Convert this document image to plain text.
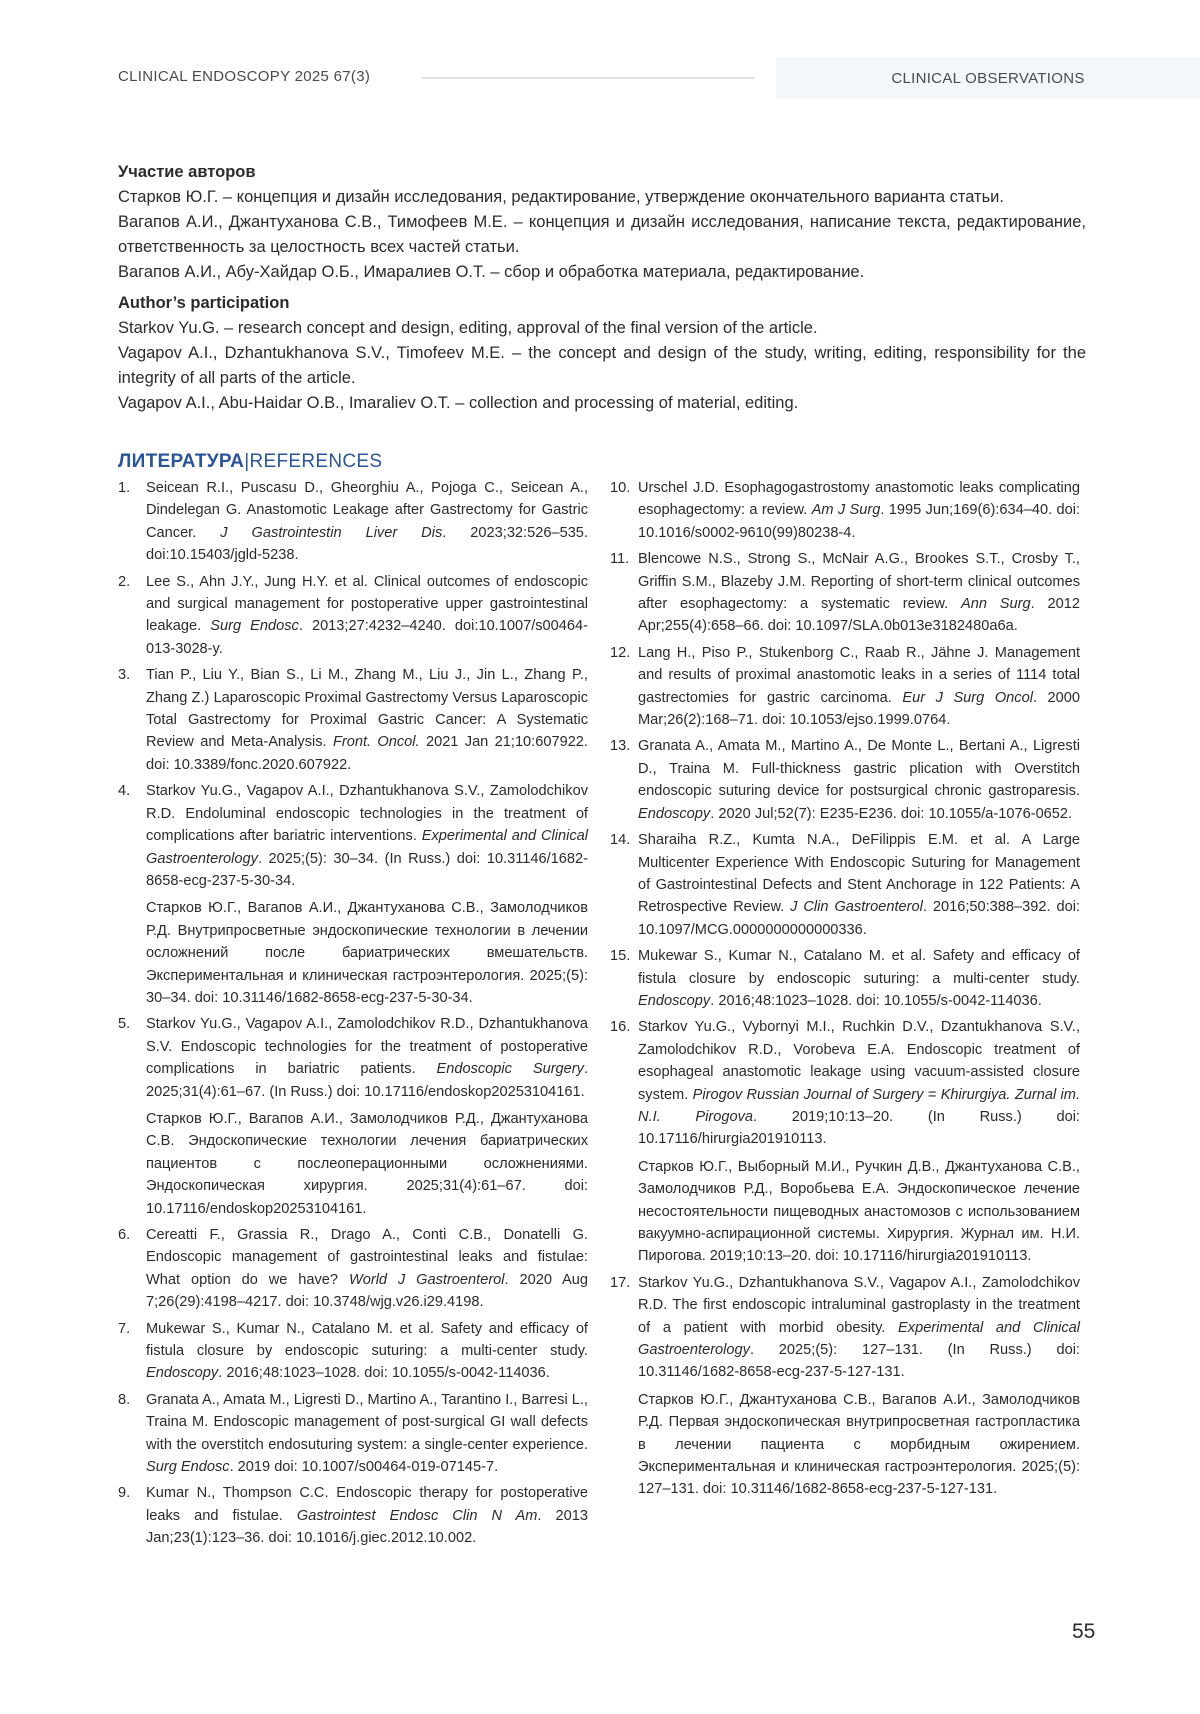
CLINICAL ENDOSCOPY 2025 67(3)	CLINICAL OBSERVATIONS
Участие авторов

Старков Ю.Г. – концепция и дизайн исследования, редактирование, утверждение окончательного варианта статьи.

Вагапов А.И., Джантуханова С.В., Тимофеев М.Е. – концепция и дизайн исследования, написание текста, редактирование, ответственность за целостность всех частей статьи.

Вагапов А.И., Абу-Хайдар О.Б., Имаралиев О.Т. – сбор и обработка материала, редактирование.

Author’s participation

Starkov Yu.G. – research concept and design, editing, approval of the final version of the article.

Vagapov A.I., Dzhantukhanova S.V., Timofeev M.E. – the concept and design of the study, writing, editing, responsibility for the integrity of all parts of the article.

Vagapov A.I., Abu-Haidar O.B., Imaraliev O.T. – collection and processing of material, editing.

ЛИТЕРАТУРА|REFERENCES
1. Seicean R.I., Puscasu D., Gheorghiu A., Pojoga C., Seicean A., Dindelegan G. Anastomotic Leakage after Gastrectomy for Gastric Cancer. J Gastrointestin Liver Dis. 2023;32:526–535. doi:10.15403/jgld-5238.

2. Lee S., Ahn J.Y., Jung H.Y. et al. Clinical outcomes of endoscopic and surgical management for postoperative upper gastrointestinal leakage. Surg Endosc. 2013;27:4232–4240. doi:10.1007/s00464-013-3028-y.

3. Tian P., Liu Y., Bian S., Li M., Zhang M., Liu J., Jin L., Zhang P., Zhang Z.) Laparoscopic Proximal Gastrectomy Versus Laparoscopic Total Gastrectomy for Proximal Gastric Cancer: A Systematic Review and Meta-Analysis. Front. Oncol. 2021 Jan 21;10:607922. doi: 10.3389/fonc.2020.607922.

4. Starkov Yu.G., Vagapov A.I., Dzhantukhanova S.V., Zamolodchikov R.D. Endoluminal endoscopic technologies in the treatment of complications after bariatric interventions. Experimental and Clinical Gastroenterology. 2025;(5): 30–34. (In Russ.) doi: 10.31146/1682-8658-ecg-237-5-30-34.

Старков Ю.Г., Вагапов А.И., Джантуханова С.В., Замолодчиков Р.Д. Внутрипросветные эндоскопические технологии в лечении осложнений после бариатрических вмешательств. Экспериментальная и клиническая гастроэнтерология. 2025;(5): 30–34. doi: 10.31146/1682-8658-ecg-237-5-30-34.

5. Starkov Yu.G., Vagapov A.I., Zamolodchikov R.D., Dzhantukhanova S.V. Endoscopic technologies for the treatment of postoperative complications in bariatric patients. Endoscopic Surgery. 2025;31(4):61–67. (In Russ.) doi: 10.17116/endoskop20253104161.

Старков Ю.Г., Вагапов А.И., Замолодчиков Р.Д., Джантуханова С.В. Эндоскопические технологии лечения бариатрических пациентов с послеоперационными осложнениями. Эндоскопическая хирургия. 2025;31(4):61–67. doi: 10.17116/endoskop20253104161.

6. Cereatti F., Grassia R., Drago A., Conti C.B., Donatelli G. Endoscopic management of gastrointestinal leaks and fistulae: What option do we have? World J Gastroenterol. 2020 Aug 7;26(29):4198–4217. doi: 10.3748/wjg.v26.i29.4198.

7. Mukewar S., Kumar N., Catalano M. et al. Safety and efficacy of fistula closure by endoscopic suturing: a multi-center study. Endoscopy. 2016;48:1023–1028. doi: 10.1055/s-0042-114036.

8. Granata A., Amata M., Ligresti D., Martino A., Tarantino I., Barresi L., Traina M. Endoscopic management of post-surgical GI wall defects with the overstitch endosuturing system: a single-center experience. Surg Endosc. 2019 doi: 10.1007/s00464-019-07145-7.

9. Kumar N., Thompson C.C. Endoscopic therapy for postoperative leaks and fistulae. Gastrointest Endosc Clin N Am. 2013 Jan;23(1):123–36. doi: 10.1016/j.giec.2012.10.002.

10. Urschel J.D. Esophagogastrostomy anastomotic leaks complicating esophagectomy: a review. Am J Surg. 1995 Jun;169(6):634–40. doi: 10.1016/s0002-9610(99)80238-4.

11. Blencowe N.S., Strong S., McNair A.G., Brookes S.T., Crosby T., Griffin S.M., Blazeby J.M. Reporting of short-term clinical outcomes after esophagectomy: a systematic review. Ann Surg. 2012 Apr;255(4):658–66. doi: 10.1097/SLA.0b013e3182480a6a.

12. Lang H., Piso P., Stukenborg C., Raab R., Jähne J. Management and results of proximal anastomotic leaks in a series of 1114 total gastrectomies for gastric carcinoma. Eur J Surg Oncol. 2000 Mar;26(2):168–71. doi: 10.1053/ejso.1999.0764.

13. Granata A., Amata M., Martino A., De Monte L., Bertani A., Ligresti D., Traina M. Full-thickness gastric plication with Overstitch endoscopic suturing device for postsurgical chronic gastroparesis. Endoscopy. 2020 Jul;52(7): E235-E236. doi: 10.1055/a-1076-0652.

14. Sharaiha R.Z., Kumta N.A., DeFilippis E.M. et al. A Large Multicenter Experience With Endoscopic Suturing for Management of Gastrointestinal Defects and Stent Anchorage in 122 Patients: A Retrospective Review. J Clin Gastroenterol. 2016;50:388–392. doi: 10.1097/MCG.0000000000000336.

15. Mukewar S., Kumar N., Catalano M. et al. Safety and efficacy of fistula closure by endoscopic suturing: a multi-center study. Endoscopy. 2016;48:1023–1028. doi: 10.1055/s-0042-114036.

16. Starkov Yu.G., Vybornyi M.I., Ruchkin D.V., Dzantukhanova S.V., Zamolodchikov R.D., Vorobeva E.A. Endoscopic treatment of esophageal anastomotic leakage using vacuum-assisted closure system. Pirogov Russian Journal of Surgery = Khirurgiya. Zurnal im. N.I. Pirogova. 2019;10:13–20. (In Russ.) doi: 10.17116/hirurgia201910113.

Старков Ю.Г., Выборный М.И., Ручкин Д.В., Джантуханова С.В., Замолодчиков Р.Д., Воробьева Е.А. Эндоскопическое лечение несостоятельности пищеводных анастомозов с использованием вакуумно-аспирационной системы. Хирургия. Журнал им. Н.И. Пирогова. 2019;10:13–20. doi: 10.17116/hirurgia201910113.

17. Starkov Yu.G., Dzhantukhanova S.V., Vagapov A.I., Zamolodchikov R.D. The first endoscopic intraluminal gastroplasty in the treatment of a patient with morbid obesity. Experimental and Clinical Gastroenterology. 2025;(5): 127–131. (In Russ.) doi: 10.31146/1682-8658-ecg-237-5-127-131.

Старков Ю.Г., Джантуханова С.В., Вагапов А.И., Замолодчиков Р.Д. Первая эндоскопическая внутрипросветная гастропластика в лечении пациента с морбидным ожирением. Экспериментальная и клиническая гастроэнтерология. 2025;(5): 127–131. doi: 10.31146/1682-8658-ecg-237-5-127-131.

55
